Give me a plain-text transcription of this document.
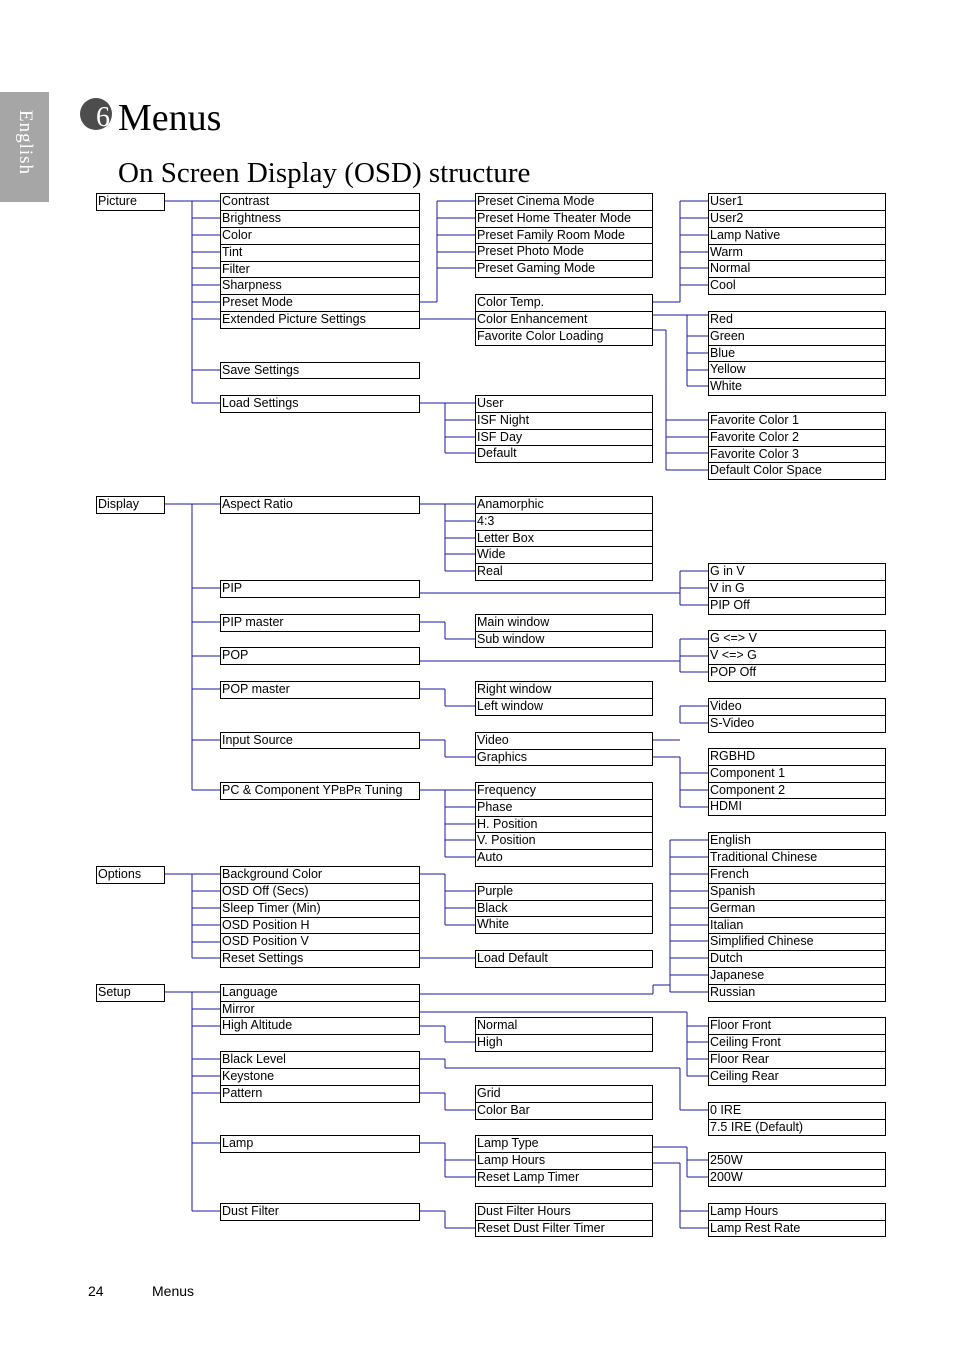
English 6 Menus
On Screen Display (OSD) structure
Picture	Contrast
Brightness
Color
Tint
Filter
Sharpness
Preset Mode
Extended Picture Settings
Save Settings
Load Settings
Preset Cinema Mode
Preset Home Theater Mode
Preset Family Room Mode
Preset Photo Mode
Preset Gaming Mode
User1
User2
Lamp Native
Warm
Normal
Cool
Color Temp.
Color Enhancement
Favorite Color Loading
Red
Green
Blue
Yellow
White
Favorite Color 1
Favorite Color 2
Favorite Color 3
Default Color Space
User
ISF Night
ISF Day
Default
Display	Aspect Ratio	Anamorphic
4:3
Letter Box
Wide
Real
PIP
G in V
V in G
PIP Off
PIP master	Main window
Sub window
POP
G <=> V
V <=> G
POP Off
POP master	Right window
Left window
Input Source	Video
Graphics
Video
S-Video
RGBHD
Component 1
Component 2
HDMI
PC & Component YPBPR Tuning	Frequency
Phase
H. Position
V. Position
Auto
Options	Background Color
OSD Off (Secs)
Sleep Timer (Min)
OSD Position H
OSD Position V
Reset Settings
Purple
Black
White
Load Default
Setup	Language
Mirror
High Altitude
English
Traditional Chinese
French
Spanish
German
Italian
Simplified Chinese
Dutch
Japanese
Russian
Normal
High
Floor Front
Ceiling Front
Floor Rear
Ceiling Rear
Black Level
Keystone
Pattern
0 IRE
7.5 IRE (Default)
Grid
Color Bar
Lamp	Lamp Type
Lamp Hours
Reset Lamp Timer
250W
200W
Dust Filter	Dust Filter Hours
Reset Dust Filter Timer
Lamp Hours
Lamp Rest Rate
24	Menus
